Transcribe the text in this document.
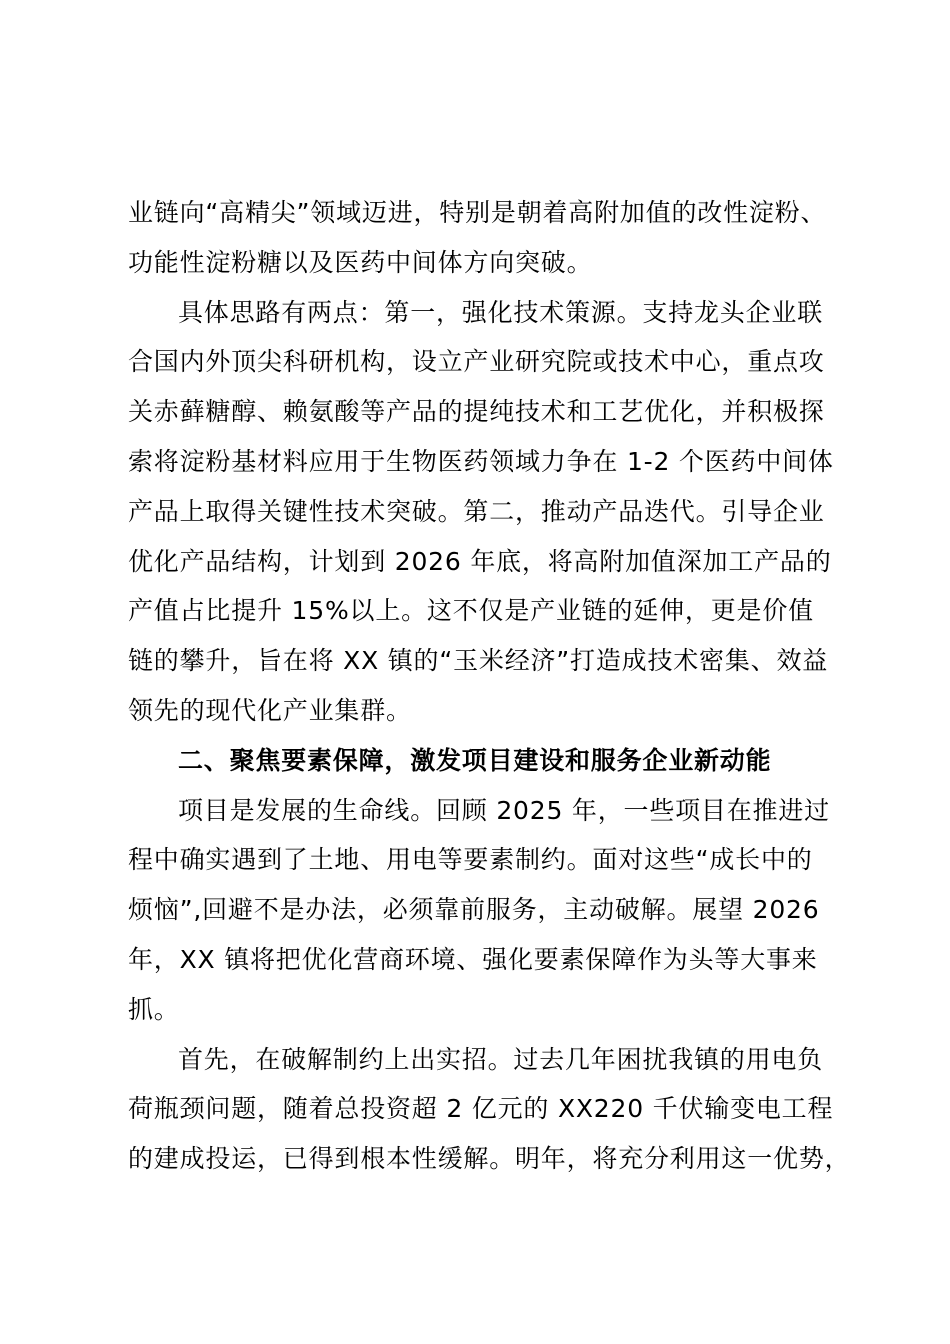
业链向“高精尖”领域迈进，特别是朝着高附加值的改性淀粉、
功能性淀粉糖以及医药中间体方向突破。
具体思路有两点：第一，强化技术策源。支持龙头企业联
合国内外顶尖科研机构，设立产业研究院或技术中心，重点攻
关赤藓糖醇、赖氨酸等产品的提纯技术和工艺优化，并积极探
索将淀粉基材料应用于生物医药领域力争在 1-2 个医药中间体
产品上取得关键性技术突破。第二，推动产品迭代。引导企业
优化产品结构，计划到 2026 年底，将高附加值深加工产品的
产值占比提升 15%以上。这不仅是产业链的延伸，更是价值
链的攀升，旨在将 XX 镇的“玉米经济”打造成技术密集、效益
领先的现代化产业集群。
二、聚焦要素保障，激发项目建设和服务企业新动能
项目是发展的生命线。回顾 2025 年，一些项目在推进过
程中确实遇到了土地、用电等要素制约。面对这些“成长中的
烦恼”,回避不是办法，必须靠前服务，主动破解。展望 2026
年，XX 镇将把优化营商环境、强化要素保障作为头等大事来
抓。
首先，在破解制约上出实招。过去几年困扰我镇的用电负
荷瓶颈问题，随着总投资超 2 亿元的 XX220 千伏输变电工程
的建成投运，已得到根本性缓解。明年，将充分利用这一优势，
